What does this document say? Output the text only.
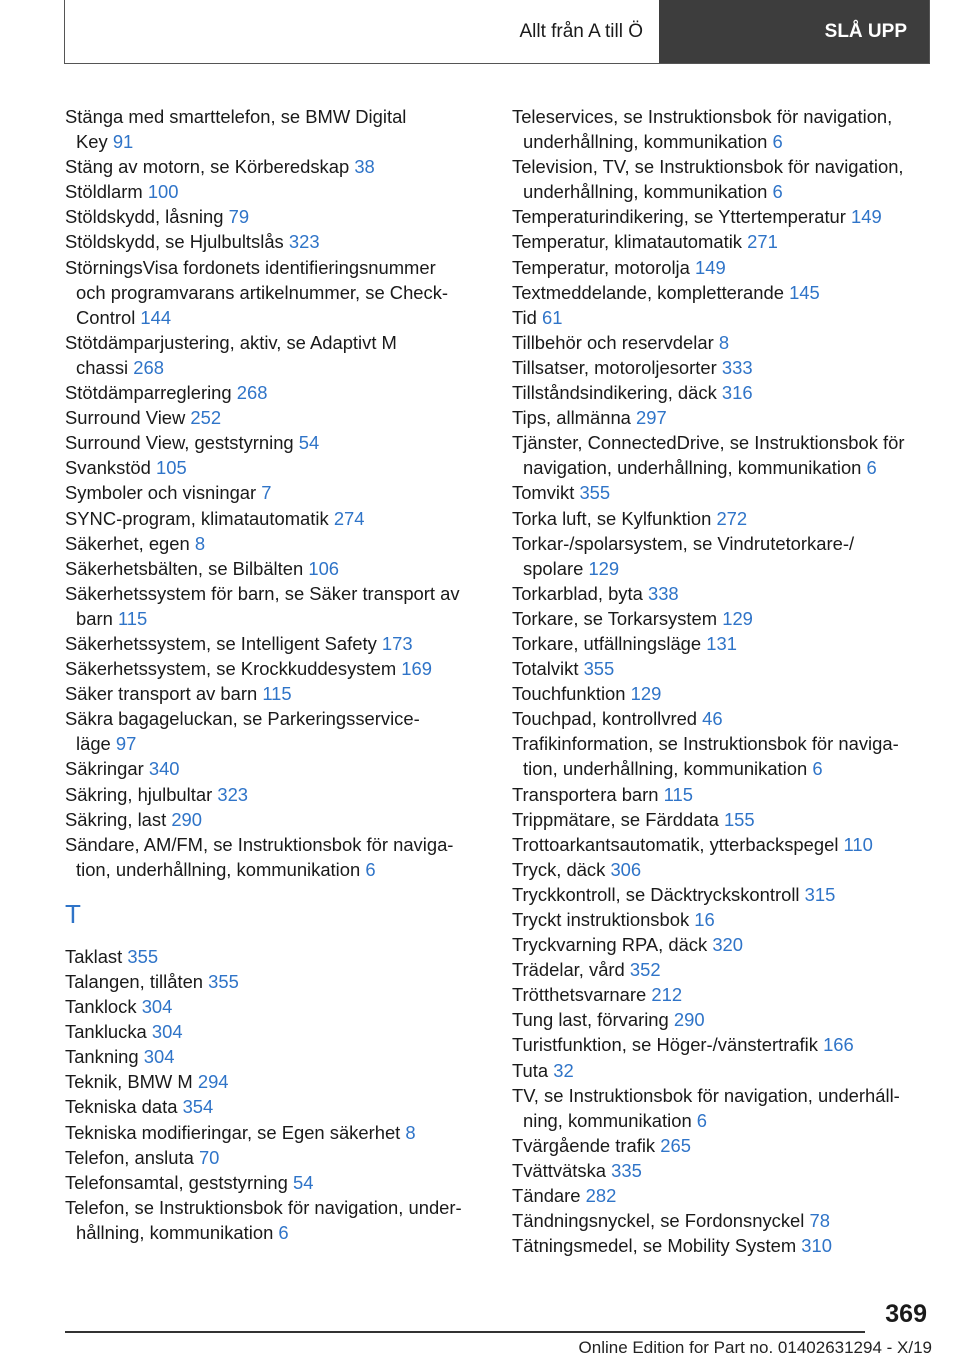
Allt från A till Ö	SLÅ UPP
Stänga med smarttelefon, se BMW Digital
Key 91
Stäng av motorn, se Körberedskap 38
Stöldlarm 100
Stöldskydd, låsning 79
Stöldskydd, se Hjulbultslås 323
StörningsVisa fordonets identifieringsnummer
och programvarans artikelnummer, se Check-
Control 144
Stötdämparjustering, aktiv, se Adaptivt M
chassi 268
Stötdämparreglering 268
Surround View 252
Surround View, geststyrning 54
Svankstöd 105
Symboler och visningar 7
SYNC-program, klimatautomatik 274
Säkerhet, egen 8
Säkerhetsbälten, se Bilbälten 106
Säkerhetssystem för barn, se Säker transport av
barn 115
Säkerhetssystem, se Intelligent Safety 173
Säkerhetssystem, se Krockkuddesystem 169
Säker transport av barn 115
Säkra bagageluckan, se Parkeringsservice-
läge 97
Säkringar 340
Säkring, hjulbultar 323
Säkring, last 290
Sändare, AM/FM, se Instruktionsbok för naviga-
tion, underhållning, kommunikation 6
T
Taklast 355
Talangen, tillåten 355
Tanklock 304
Tanklucka 304
Tankning 304
Teknik, BMW M 294
Tekniska data 354
Tekniska modifieringar, se Egen säkerhet 8
Telefon, ansluta 70
Telefonsamtal, geststyrning 54
Telefon, se Instruktionsbok för navigation, under-
hållning, kommunikation 6
Teleservices, se Instruktionsbok för navigation,
underhållning, kommunikation 6
Television, TV, se Instruktionsbok för navigation,
underhållning, kommunikation 6
Temperaturindikering, se Yttertemperatur 149
Temperatur, klimatautomatik 271
Temperatur, motorolja 149
Textmeddelande, kompletterande 145
Tid 61
Tillbehör och reservdelar 8
Tillsatser, motoroljesorter 333
Tillståndsindikering, däck 316
Tips, allmänna 297
Tjänster, ConnectedDrive, se Instruktionsbok för
navigation, underhållning, kommunikation 6
Tomvikt 355
Torka luft, se Kylfunktion 272
Torkar-/spolarsystem, se Vindrutetorkare-/
spolare 129
Torkarblad, byta 338
Torkare, se Torkarsystem 129
Torkare, utfällningsläge 131
Totalvikt 355
Touchfunktion 129
Touchpad, kontrollvred 46
Trafikinformation, se Instruktionsbok för naviga-
tion, underhållning, kommunikation 6
Transportera barn 115
Trippmätare, se Färddata 155
Trottoarkantsautomatik, ytterbackspegel 110
Tryck, däck 306
Tryckkontroll, se Däcktryckskontroll 315
Tryckt instruktionsbok 16
Tryckvarning RPA, däck 320
Trädelar, vård 352
Trötthetsvarnare 212
Tung last, förvaring 290
Turistfunktion, se Höger-/vänstertrafik 166
Tuta 32
TV, se Instruktionsbok för navigation, underháll-
ning, kommunikation 6
Tvärgående trafik 265
Tvättvätska 335
Tändare 282
Tändningsnyckel, se Fordonsnyckel 78
Tätningsmedel, se Mobility System 310
369
Online Edition for Part no. 01402631294 - X/19
